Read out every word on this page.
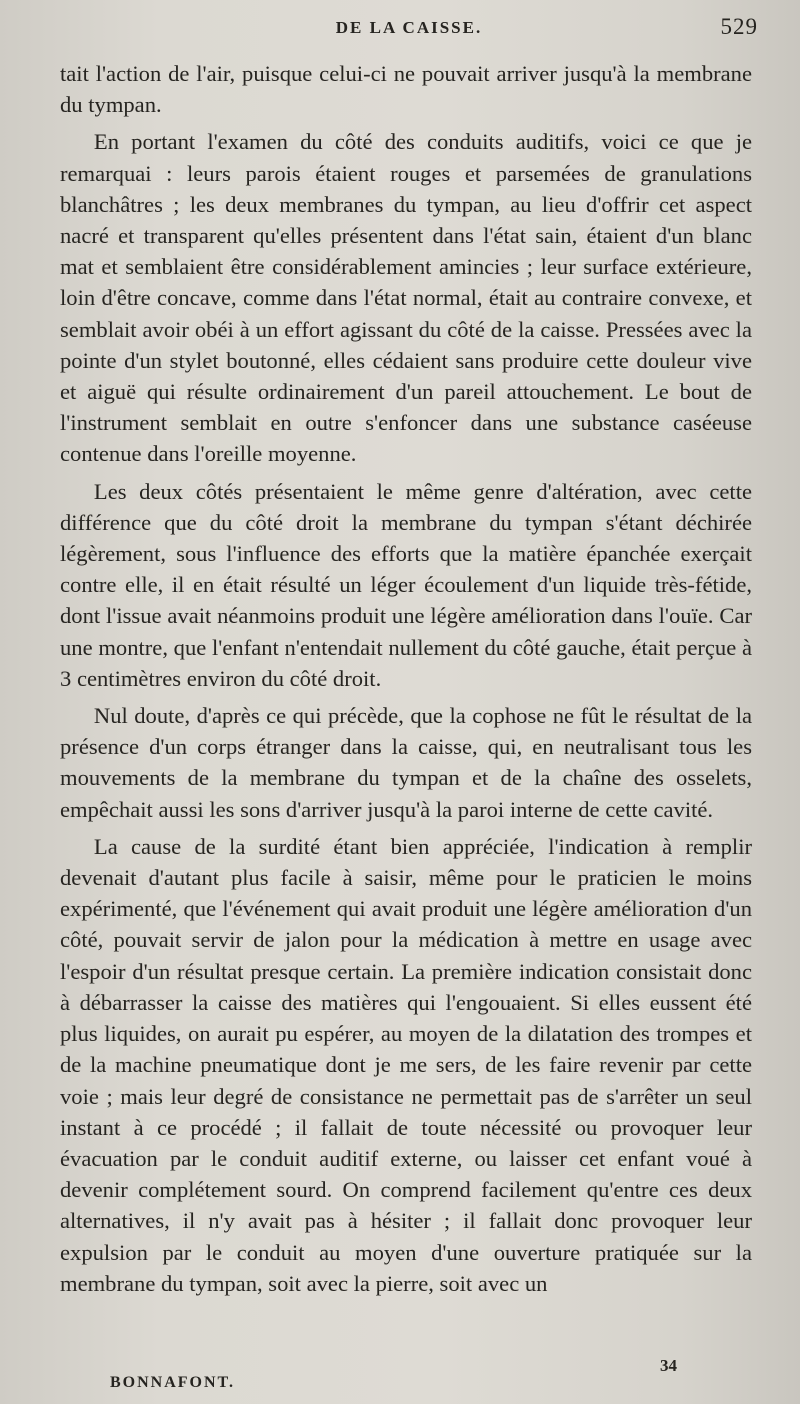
DE LA CAISSE.	529

tait l'action de l'air, puisque celui-ci ne pouvait arriver jusqu'à la membrane du tympan.

En portant l'examen du côté des conduits auditifs, voici ce que je remarquai : leurs parois étaient rouges et parsemées de granulations blanchâtres ; les deux membranes du tympan, au lieu d'offrir cet aspect nacré et transparent qu'elles présentent dans l'état sain, étaient d'un blanc mat et semblaient être considérablement amincies ; leur surface extérieure, loin d'être concave, comme dans l'état normal, était au contraire convexe, et semblait avoir obéi à un effort agissant du côté de la caisse. Pressées avec la pointe d'un stylet boutonné, elles cédaient sans produire cette douleur vive et aiguë qui résulte ordinairement d'un pareil attouchement. Le bout de l'instrument semblait en outre s'enfoncer dans une substance caséeuse contenue dans l'oreille moyenne.

Les deux côtés présentaient le même genre d'altération, avec cette différence que du côté droit la membrane du tympan s'étant déchirée légèrement, sous l'influence des efforts que la matière épanchée exerçait contre elle, il en était résulté un léger écoulement d'un liquide très-fétide, dont l'issue avait néanmoins produit une légère amélioration dans l'ouïe. Car une montre, que l'enfant n'entendait nullement du côté gauche, était perçue à 3 centimètres environ du côté droit.

Nul doute, d'après ce qui précède, que la cophose ne fût le résultat de la présence d'un corps étranger dans la caisse, qui, en neutralisant tous les mouvements de la membrane du tympan et de la chaîne des osselets, empêchait aussi les sons d'arriver jusqu'à la paroi interne de cette cavité.

La cause de la surdité étant bien appréciée, l'indication à remplir devenait d'autant plus facile à saisir, même pour le praticien le moins expérimenté, que l'événement qui avait produit une légère amélioration d'un côté, pouvait servir de jalon pour la médication à mettre en usage avec l'espoir d'un résultat presque certain. La première indication consistait donc à débarrasser la caisse des matières qui l'engouaient. Si elles eussent été plus liquides, on aurait pu espérer, au moyen de la dilatation des trompes et de la machine pneumatique dont je me sers, de les faire revenir par cette voie ; mais leur degré de consistance ne permettait pas de s'arrêter un seul instant à ce procédé ; il fallait de toute nécessité ou provoquer leur évacuation par le conduit auditif externe, ou laisser cet enfant voué à devenir complétement sourd. On comprend facilement qu'entre ces deux alternatives, il n'y avait pas à hésiter ; il fallait donc provoquer leur expulsion par le conduit au moyen d'une ouverture pratiquée sur la membrane du tympan, soit avec la pierre, soit avec un

BONNAFONT.
34
